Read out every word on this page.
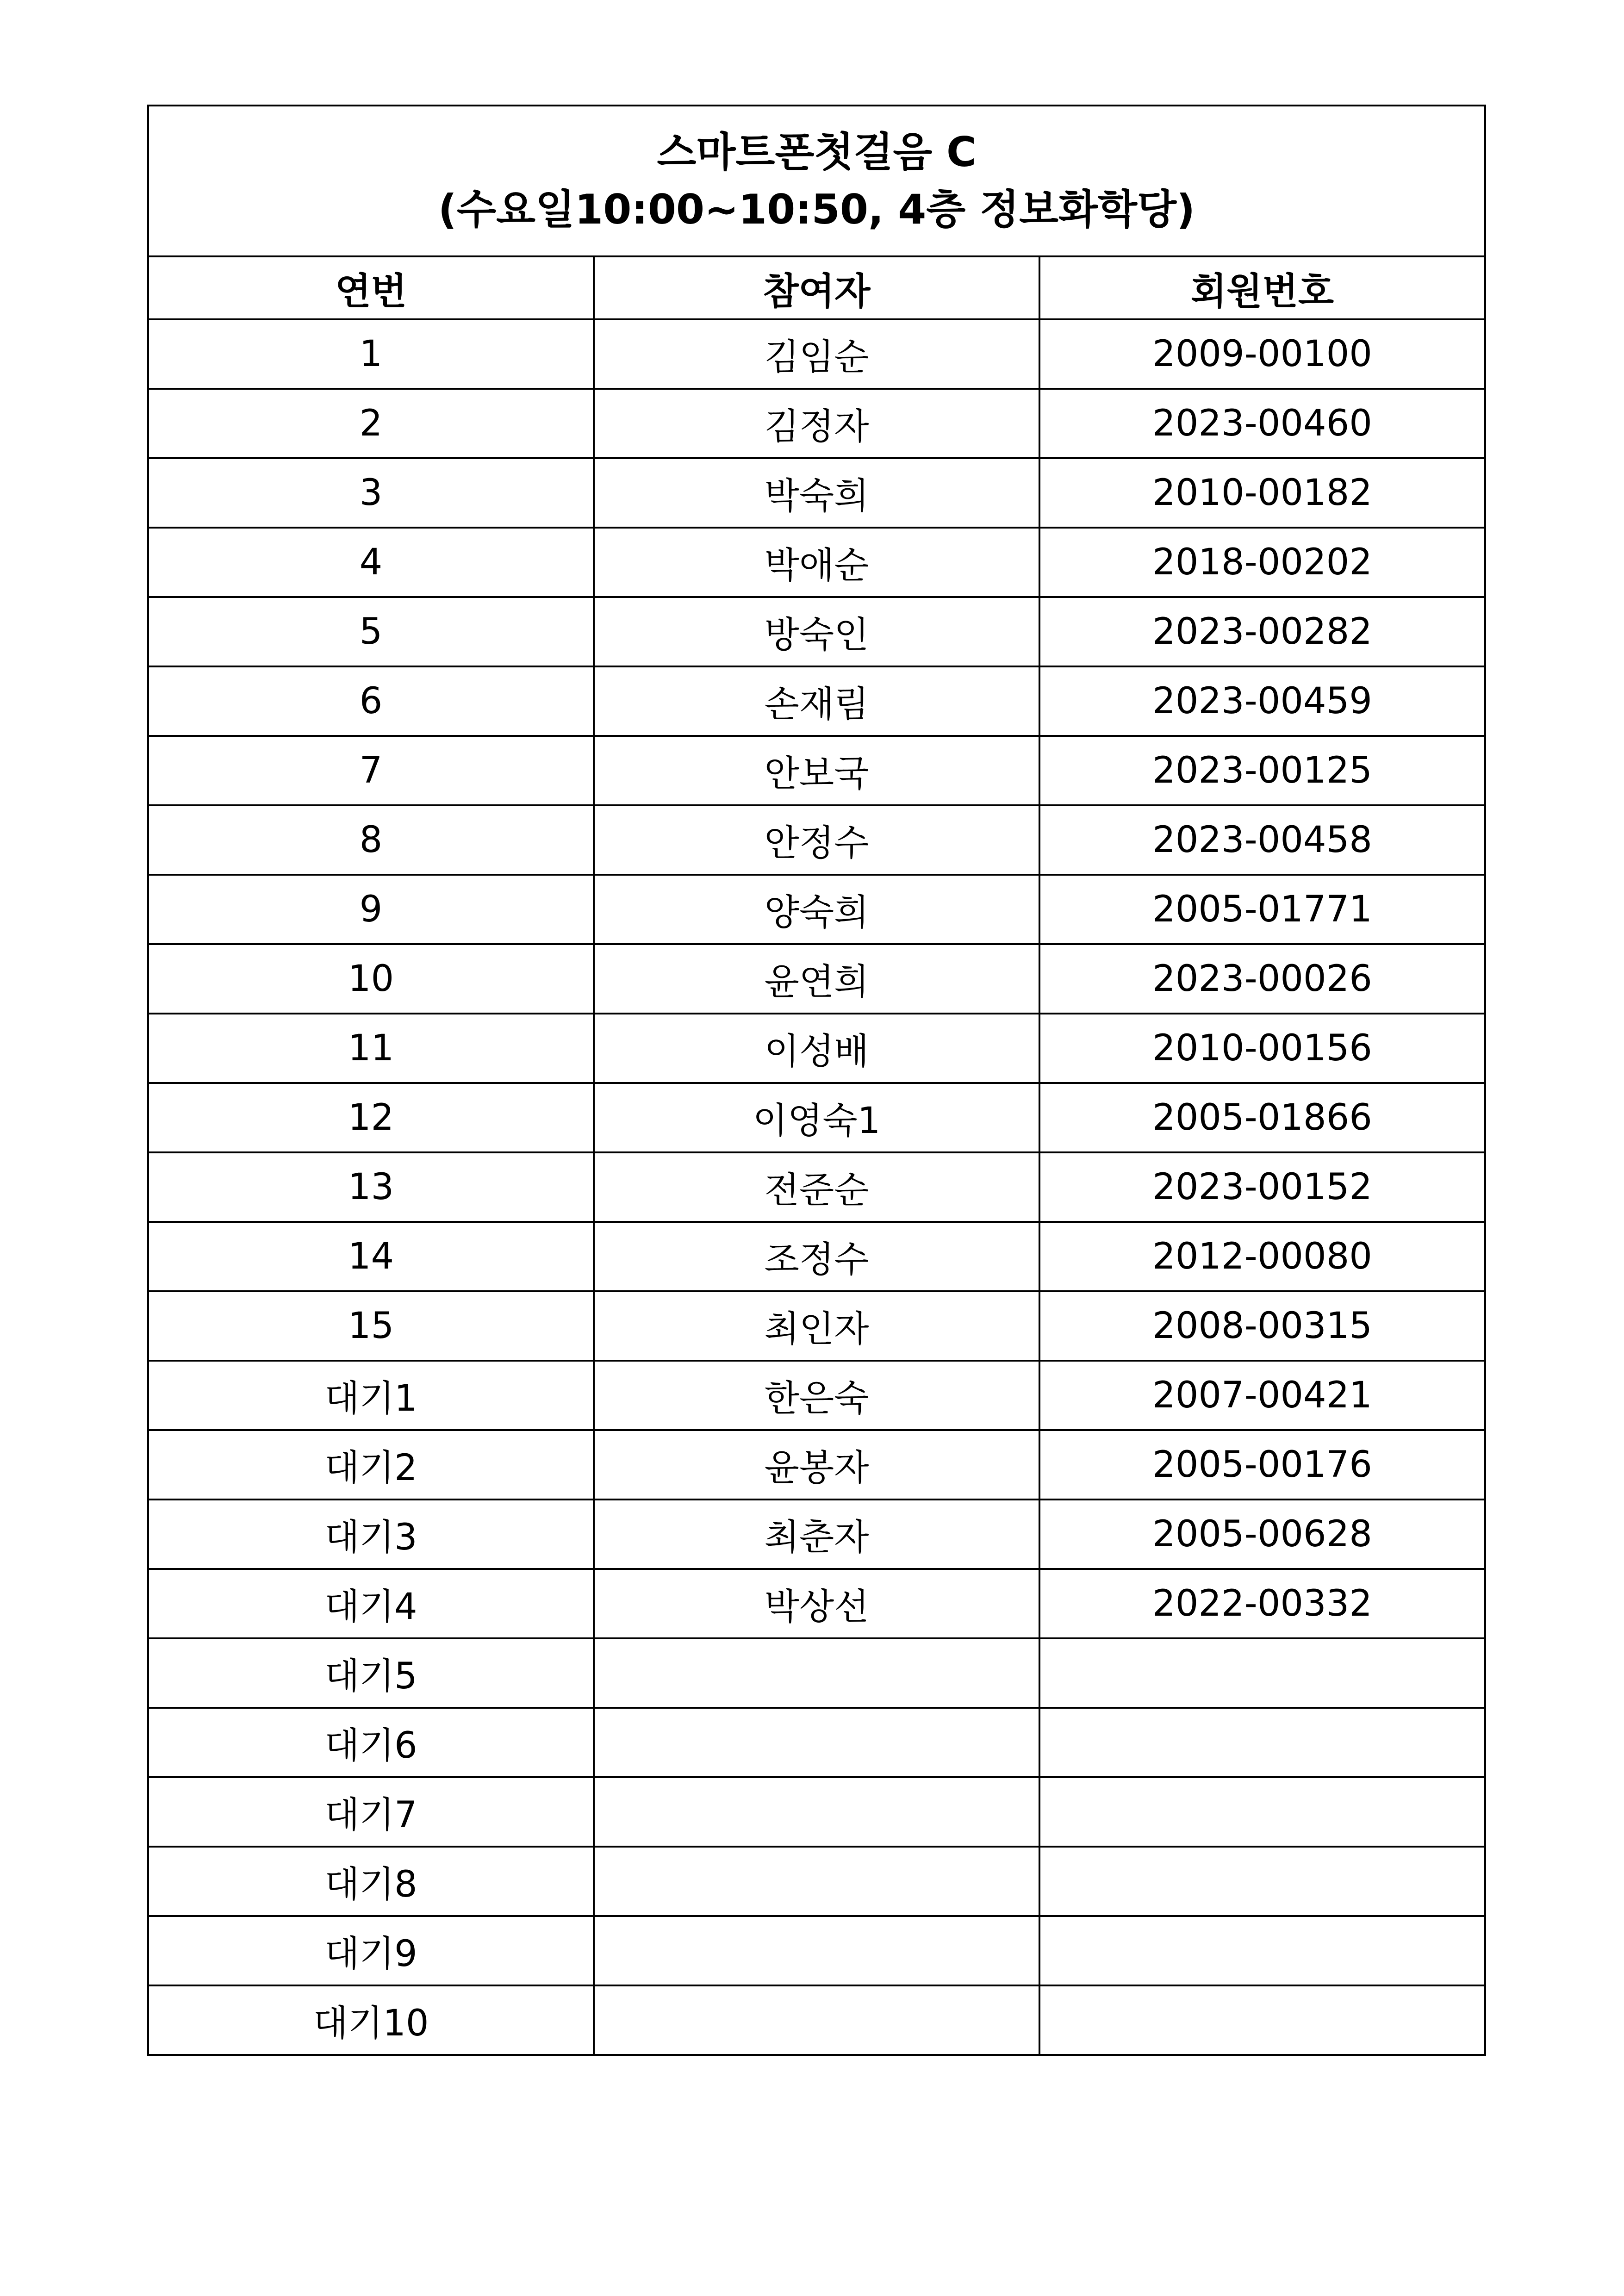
스마트폰첫걸음 C
(수요일10:00~10:50, 4층 정보화학당)		

연번	참여자	회원번호
1	김임순	2009-00100
2	김정자	2023-00460
3	박숙희	2010-00182
4	박애순	2018-00202
5	방숙인	2023-00282
6	손재림	2023-00459
7	안보국	2023-00125
8	안정수	2023-00458
9	양숙희	2005-01771
10	윤연희	2023-00026
11	이성배	2010-00156
12	이영숙1	2005-01866
13	전준순	2023-00152
14	조정수	2012-00080
15	최인자	2008-00315
대기1	한은숙	2007-00421
대기2	윤봉자	2005-00176
대기3	최춘자	2005-00628
대기4	박상선	2022-00332
대기5		
대기6		
대기7		
대기8		
대기9		
대기10		
